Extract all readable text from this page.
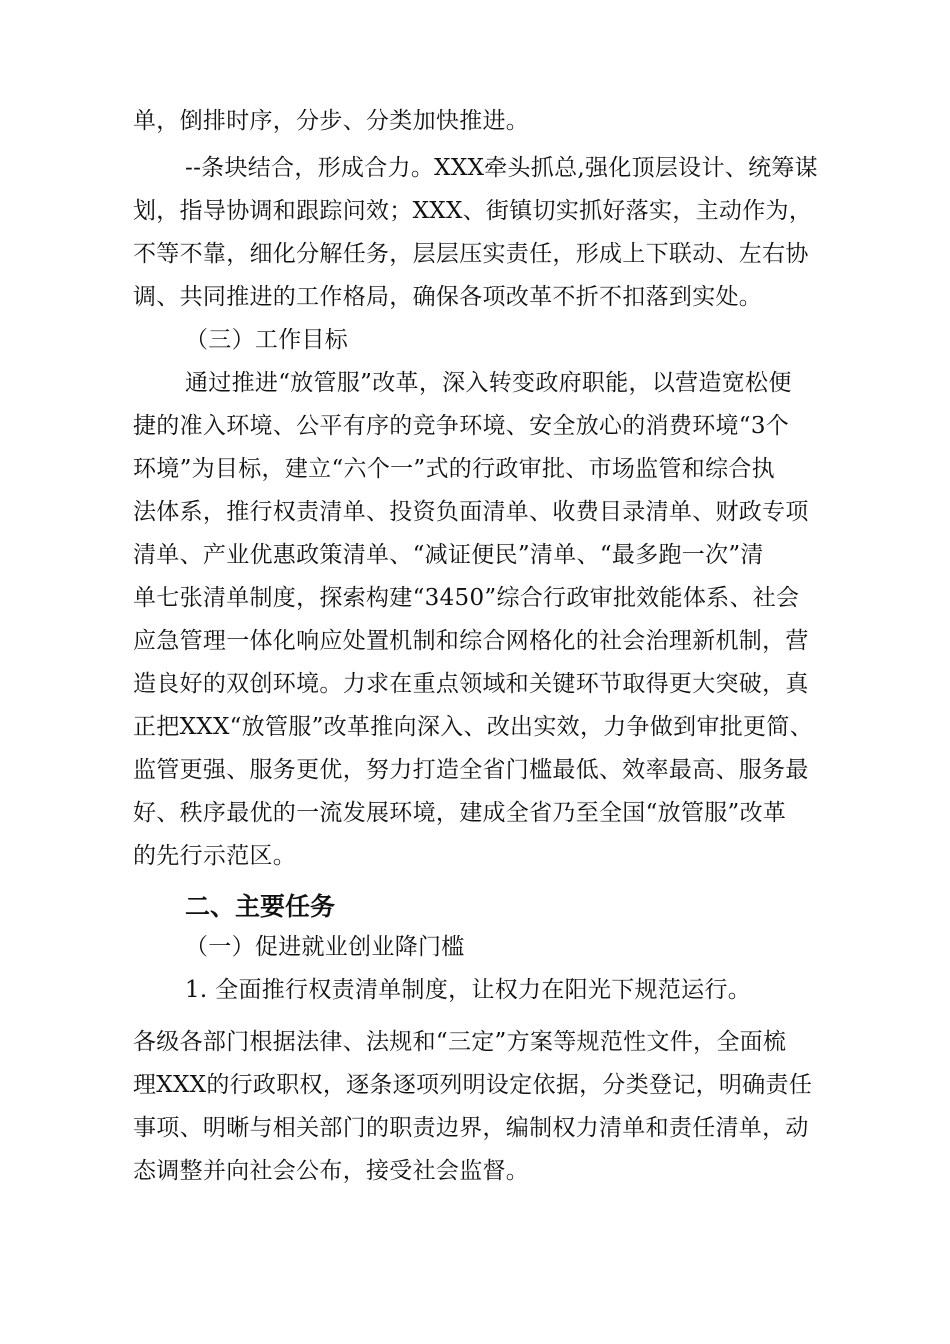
单，倒排时序，分步、分类加快推进。
--条块结合，形成合力。XXX牵头抓总,强化顶层设计、统筹谋
划，指导协调和跟踪问效；XXX、街镇切实抓好落实，主动作为，
不等不靠，细化分解任务，层层压实责任，形成上下联动、左右协
调、共同推进的工作格局，确保各项改革不折不扣落到实处。
（三）工作目标
通过推进“放管服”改革，深入转变政府职能，以营造宽松便
捷的准入环境、公平有序的竞争环境、安全放心的消费环境“3个
环境”为目标，建立“六个一”式的行政审批、市场监管和综合执
法体系，推行权责清单、投资负面清单、收费目录清单、财政专项
清单、产业优惠政策清单、“减证便民”清单、“最多跑一次”清
单七张清单制度，探索构建“3450”综合行政审批效能体系、社会
应急管理一体化响应处置机制和综合网格化的社会治理新机制，营
造良好的双创环境。力求在重点领域和关键环节取得更大突破，真
正把XXX“放管服”改革推向深入、改出实效，力争做到审批更简、
监管更强、服务更优，努力打造全省门槛最低、效率最高、服务最
好、秩序最优的一流发展环境，建成全省乃至全国“放管服”改革
的先行示范区。
二、主要任务
（一）促进就业创业降门槛
1. 全面推行权责清单制度，让权力在阳光下规范运行。
各级各部门根据法律、法规和“三定”方案等规范性文件，全面梳
理XXX的行政职权，逐条逐项列明设定依据，分类登记，明确责任
事项、明晰与相关部门的职责边界，编制权力清单和责任清单，动
态调整并向社会公布，接受社会监督。
